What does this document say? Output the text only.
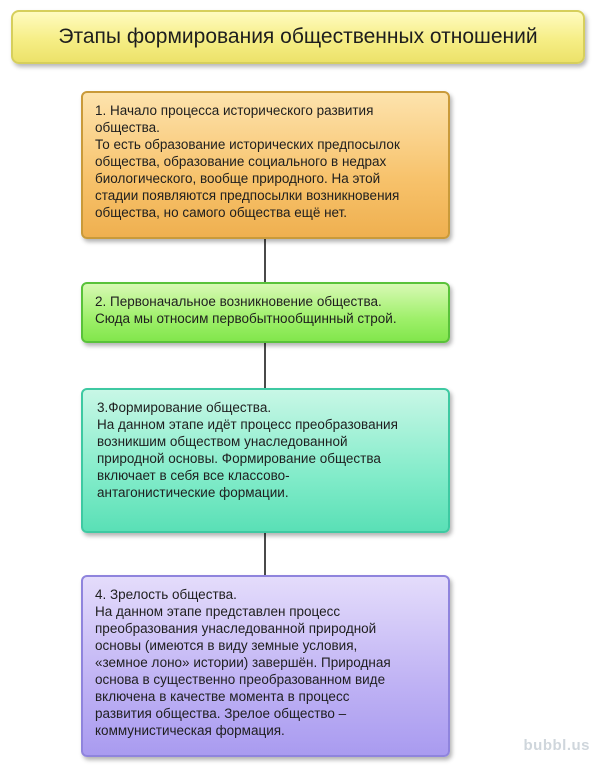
Этапы формирования общественных отношений
1. Начало процесса исторического развития
общества.
То есть образование исторических предпосылок
общества, образование социального в недрах
биологического, вообще природного. На этой
стадии появляются предпосылки возникновения
общества, но самого общества ещё нет.
2. Первоначальное возникновение общества.
Сюда мы относим первобытнообщинный строй.
3.Формирование общества.
На данном этапе идёт процесс преобразования
возникшим обществом унаследованной
природной основы. Формирование общества
включает в себя все классово-
антагонистические формации.
4. Зрелость общества.
На данном этапе представлен процесс
преобразования унаследованной природной
основы (имеются в виду земные условия,
«земное лоно» истории) завершён. Природная
основа в существенно преобразованном виде
включена в качестве момента в процесс
развития общества. Зрелое общество –
коммунистическая формация.
bubbl.us
